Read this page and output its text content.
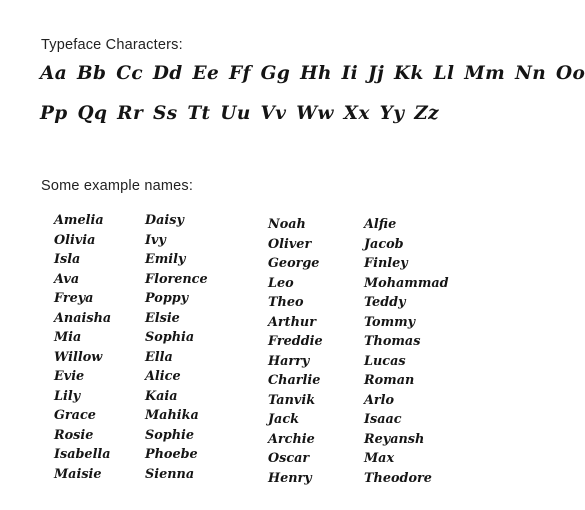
Typeface Characters:
Aa Bb Cc Dd Ee Ff Gg Hh Ii Jj Kk Ll Mm Nn Oo
Pp Qq Rr Ss Tt Uu Vv Ww Xx Yy Zz
Some example names:
Amelia
Olivia
Isla
Ava
Freya
Anaisha
Mia
Willow
Evie
Lily
Grace
Rosie
Isabella
Maisie
Daisy
Ivy
Emily
Florence
Poppy
Elsie
Sophia
Ella
Alice
Kaia
Mahika
Sophie
Phoebe
Sienna
Noah
Oliver
George
Leo
Theo
Arthur
Freddie
Harry
Charlie
Tanvik
Jack
Archie
Oscar
Henry
Alfie
Jacob
Finley
Mohammad
Teddy
Tommy
Thomas
Lucas
Roman
Arlo
Isaac
Reyansh
Max
Theodore
